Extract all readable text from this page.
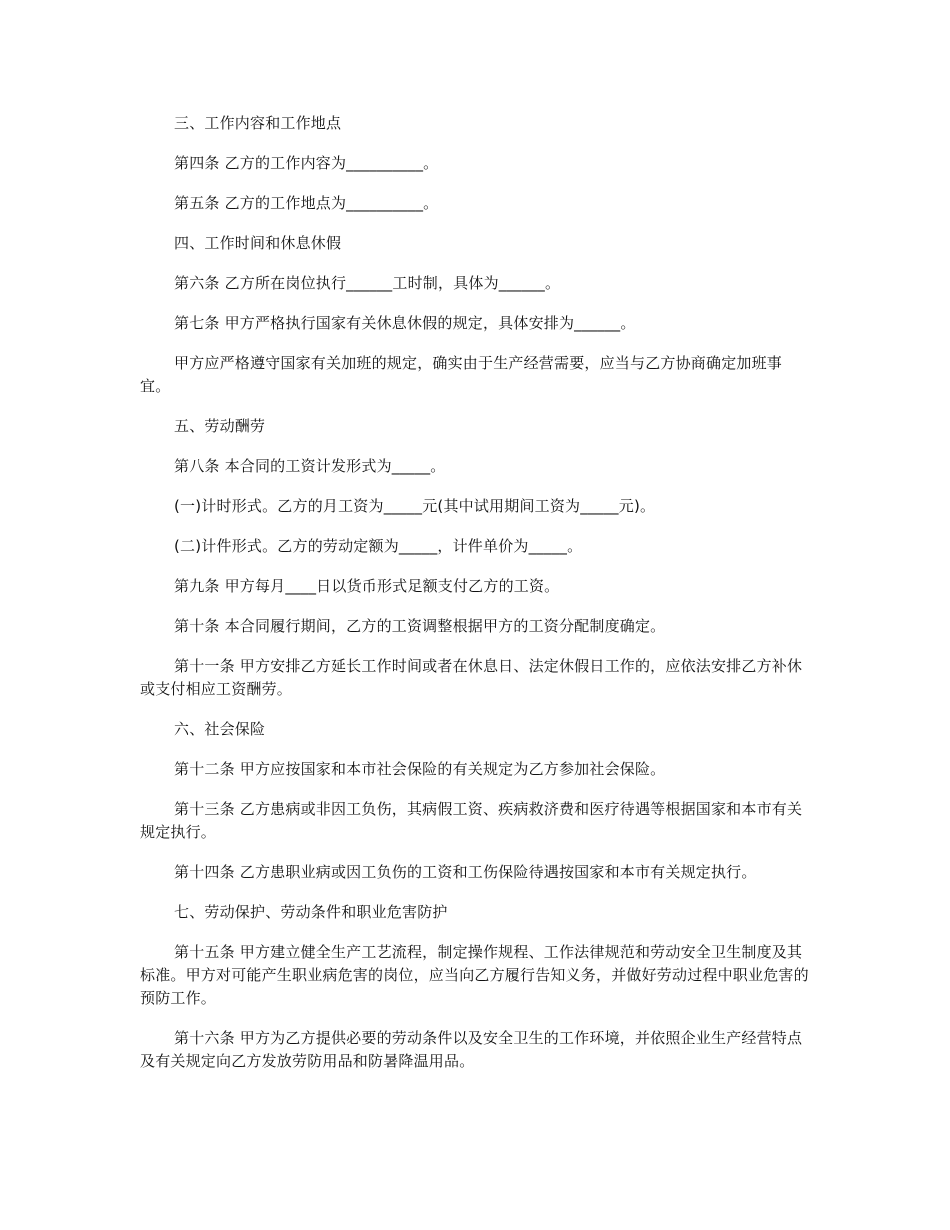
三、工作内容和工作地点

第四条 乙方的工作内容为__________。

第五条 乙方的工作地点为__________。

四、工作时间和休息休假

第六条 乙方所在岗位执行______工时制，具体为______。

第七条 甲方严格执行国家有关休息休假的规定，具体安排为______。

甲方应严格遵守国家有关加班的规定，确实由于生产经营需要，应当与乙方协商确定加班事宜。

五、劳动酬劳

第八条 本合同的工资计发形式为_____。

(一)计时形式。乙方的月工资为_____元(其中试用期间工资为_____元)。

(二)计件形式。乙方的劳动定额为_____，计件单价为_____。

第九条 甲方每月____日以货币形式足额支付乙方的工资。

第十条 本合同履行期间，乙方的工资调整根据甲方的工资分配制度确定。

第十一条 甲方安排乙方延长工作时间或者在休息日、法定休假日工作的，应依法安排乙方补休或支付相应工资酬劳。

六、社会保险

第十二条 甲方应按国家和本市社会保险的有关规定为乙方参加社会保险。

第十三条 乙方患病或非因工负伤，其病假工资、疾病救济费和医疗待遇等根据国家和本市有关规定执行。

第十四条 乙方患职业病或因工负伤的工资和工伤保险待遇按国家和本市有关规定执行。

七、劳动保护、劳动条件和职业危害防护

第十五条 甲方建立健全生产工艺流程，制定操作规程、工作法律规范和劳动安全卫生制度及其标准。甲方对可能产生职业病危害的岗位，应当向乙方履行告知义务，并做好劳动过程中职业危害的预防工作。

第十六条 甲方为乙方提供必要的劳动条件以及安全卫生的工作环境，并依照企业生产经营特点及有关规定向乙方发放劳防用品和防暑降温用品。
